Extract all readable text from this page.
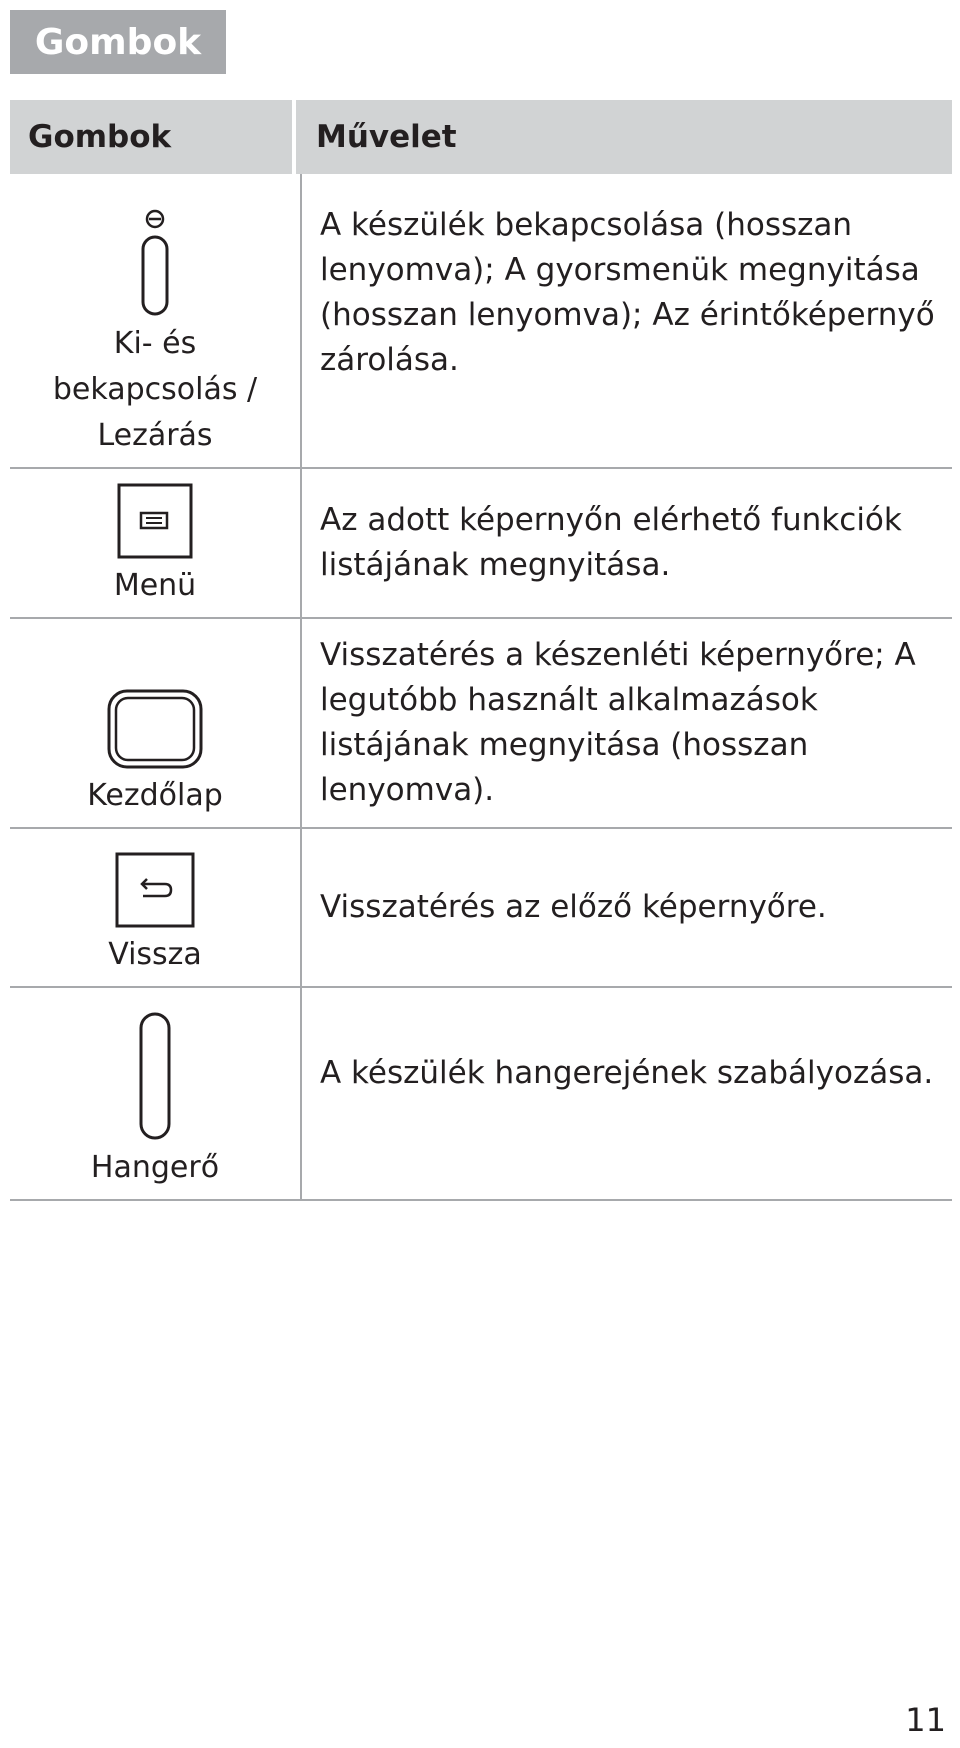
Gombok
Gombok	Művelet
Ki- és bekapcsolás / Lezárás
A készülék bekapcsolása (hosszan lenyomva); A gyorsmenük megnyitása (hosszan lenyomva); Az érintőképernyő zárolása.
Menü
Az adott képernyőn elérhető funkciók listájának megnyitása.
Kezdőlap
Visszatérés a készenléti képernyőre; A legutóbb használt alkalmazások listájának megnyitása (hosszan lenyomva).
Vissza
Visszatérés az előző képernyőre.
Hangerő
A készülék hangerejének szabályozása.
11
